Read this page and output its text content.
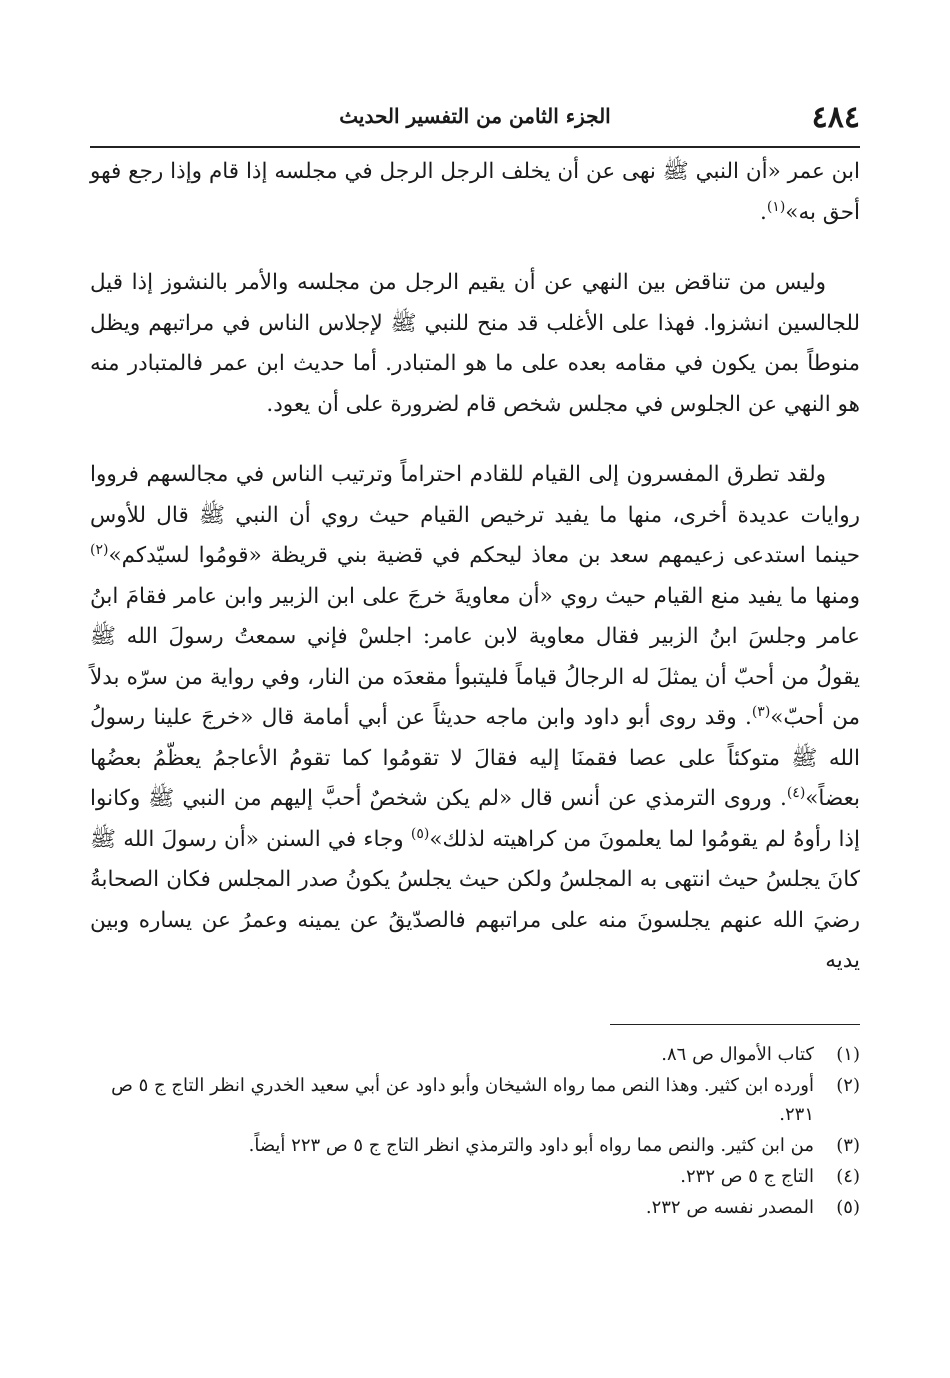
٤٨٤
الجزء الثامن من التفسير الحديث

ابن عمر «أن النبي ﷺ نهى عن أن يخلف الرجل الرجل في مجلسه إذا قام وإذا رجع فهو أحق به»$^{(١)}$.

وليس من تناقض بين النهي عن أن يقيم الرجل من مجلسه والأمر بالنشوز إذا قيل للجالسين انشزوا. فهذا على الأغلب قد منح للنبي ﷺ لإجلاس الناس في مراتبهم ويظل منوطاً بمن يكون في مقامه بعده على ما هو المتبادر. أما حديث ابن عمر فالمتبادر منه هو النهي عن الجلوس في مجلس شخص قام لضرورة على أن يعود.

ولقد تطرق المفسرون إلى القيام للقادم احتراماً وترتيب الناس في مجالسهم فرووا روايات عديدة أخرى، منها ما يفيد ترخيص القيام حيث روي أن النبي ﷺ قال للأوس حينما استدعى زعيمهم سعد بن معاذ ليحكم في قضية بني قريظة «قومُوا لسيّدكم»$^{(٢)}$ ومنها ما يفيد منع القيام حيث روي «أن معاويةَ خرجَ على ابن الزبير وابن عامر فقامَ ابنُ عامر وجلسَ ابنُ الزبير فقال معاوية لابن عامر: اجلسْ فإني سمعتُ رسولَ الله ﷺ يقولُ من أحبّ أن يمثلَ له الرجالُ قياماً فليتبوأ مقعدَه من النار، وفي رواية من سرّه بدلاً من أحبّ»$^{(٣)}$. وقد روى أبو داود وابن ماجه حديثاً عن أبي أمامة قال «خرجَ علينا رسولُ الله ﷺ متوكئاً على عصا فقمنَا إليه فقالَ لا تقومُوا كما تقومُ الأعاجمُ يعظّمُ بعضُها بعضاً»$^{(٤)}$. وروى الترمذي عن أنس قال «لم يكن شخصٌ أحبَّ إليهم من النبي ﷺ وكانوا إذا رأوهُ لم يقومُوا لما يعلمونَ من كراهيته لذلك»$^{(٥)}$ وجاء في السنن «أن رسولَ الله ﷺ كانَ يجلسُ حيث انتهى به المجلسُ ولكن حيث يجلسُ يكونُ صدر المجلس فكان الصحابةُ رضيَ الله عنهم يجلسونَ منه على مراتبهم فالصدّيقُ عن يمينه وعمرُ عن يساره وبين يديه

(١)
كتاب الأموال ص ٨٦.
(٢)
أورده ابن كثير. وهذا النص مما رواه الشيخان وأبو داود عن أبي سعيد الخدري انظر التاج ج ٥ ص ٢٣١.
(٣)
من ابن كثير. والنص مما رواه أبو داود والترمذي انظر التاج ج ٥ ص ٢٢٣ أيضاً.
(٤)
التاج ج ٥ ص ٢٣٢.
(٥)
المصدر نفسه ص ٢٣٢.
